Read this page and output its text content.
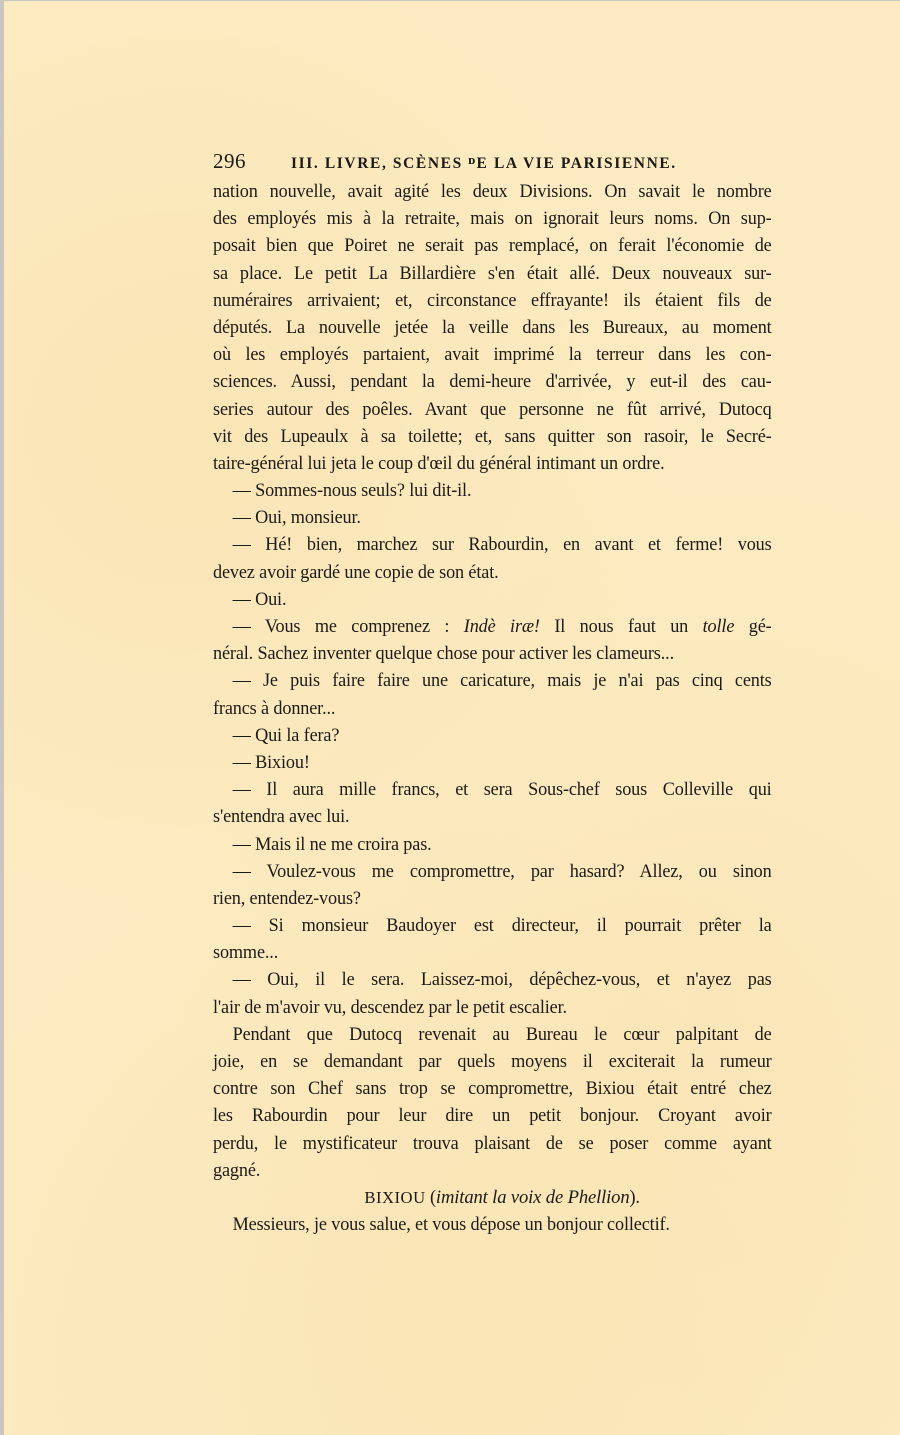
296	III. LIVRE, SCÈNES ᴰE LA VIE PARISIENNE.
nation nouvelle, avait agité les deux Divisions. On savait le nombre
des employés mis à la retraite, mais on ignorait leurs noms. On sup-
posait bien que Poiret ne serait pas remplacé, on ferait l'économie de
sa place. Le petit La Billardière s'en était allé. Deux nouveaux sur-
numéraires arrivaient; et, circonstance effrayante! ils étaient fils de
députés. La nouvelle jetée la veille dans les Bureaux, au moment
où les employés partaient, avait imprimé la terreur dans les con-
sciences. Aussi, pendant la demi-heure d'arrivée, y eut-il des cau-
series autour des poêles. Avant que personne ne fût arrivé, Dutocq
vit des Lupeaulx à sa toilette; et, sans quitter son rasoir, le Secré-
taire-général lui jeta le coup d'œil du général intimant un ordre.
— Sommes-nous seuls? lui dit-il.
— Oui, monsieur.
— Hé! bien, marchez sur Rabourdin, en avant et ferme! vous
devez avoir gardé une copie de son état.
— Oui.
— Vous me comprenez : Indè iræ! Il nous faut un tolle gé-
néral. Sachez inventer quelque chose pour activer les clameurs...
— Je puis faire faire une caricature, mais je n'ai pas cinq cents
francs à donner...
— Qui la fera?
— Bixiou!
— Il aura mille francs, et sera Sous-chef sous Colleville qui
s'entendra avec lui.
— Mais il ne me croira pas.
— Voulez-vous me compromettre, par hasard? Allez, ou sinon
rien, entendez-vous?
— Si monsieur Baudoyer est directeur, il pourrait prêter la
somme...
— Oui, il le sera. Laissez-moi, dépêchez-vous, et n'ayez pas
l'air de m'avoir vu, descendez par le petit escalier.
Pendant que Dutocq revenait au Bureau le cœur palpitant de
joie, en se demandant par quels moyens il exciterait la rumeur
contre son Chef sans trop se compromettre, Bixiou était entré chez
les Rabourdin pour leur dire un petit bonjour. Croyant avoir
perdu, le mystificateur trouva plaisant de se poser comme ayant
gagné.
BIXIOU (imitant la voix de Phellion).
Messieurs, je vous salue, et vous dépose un bonjour collectif.
